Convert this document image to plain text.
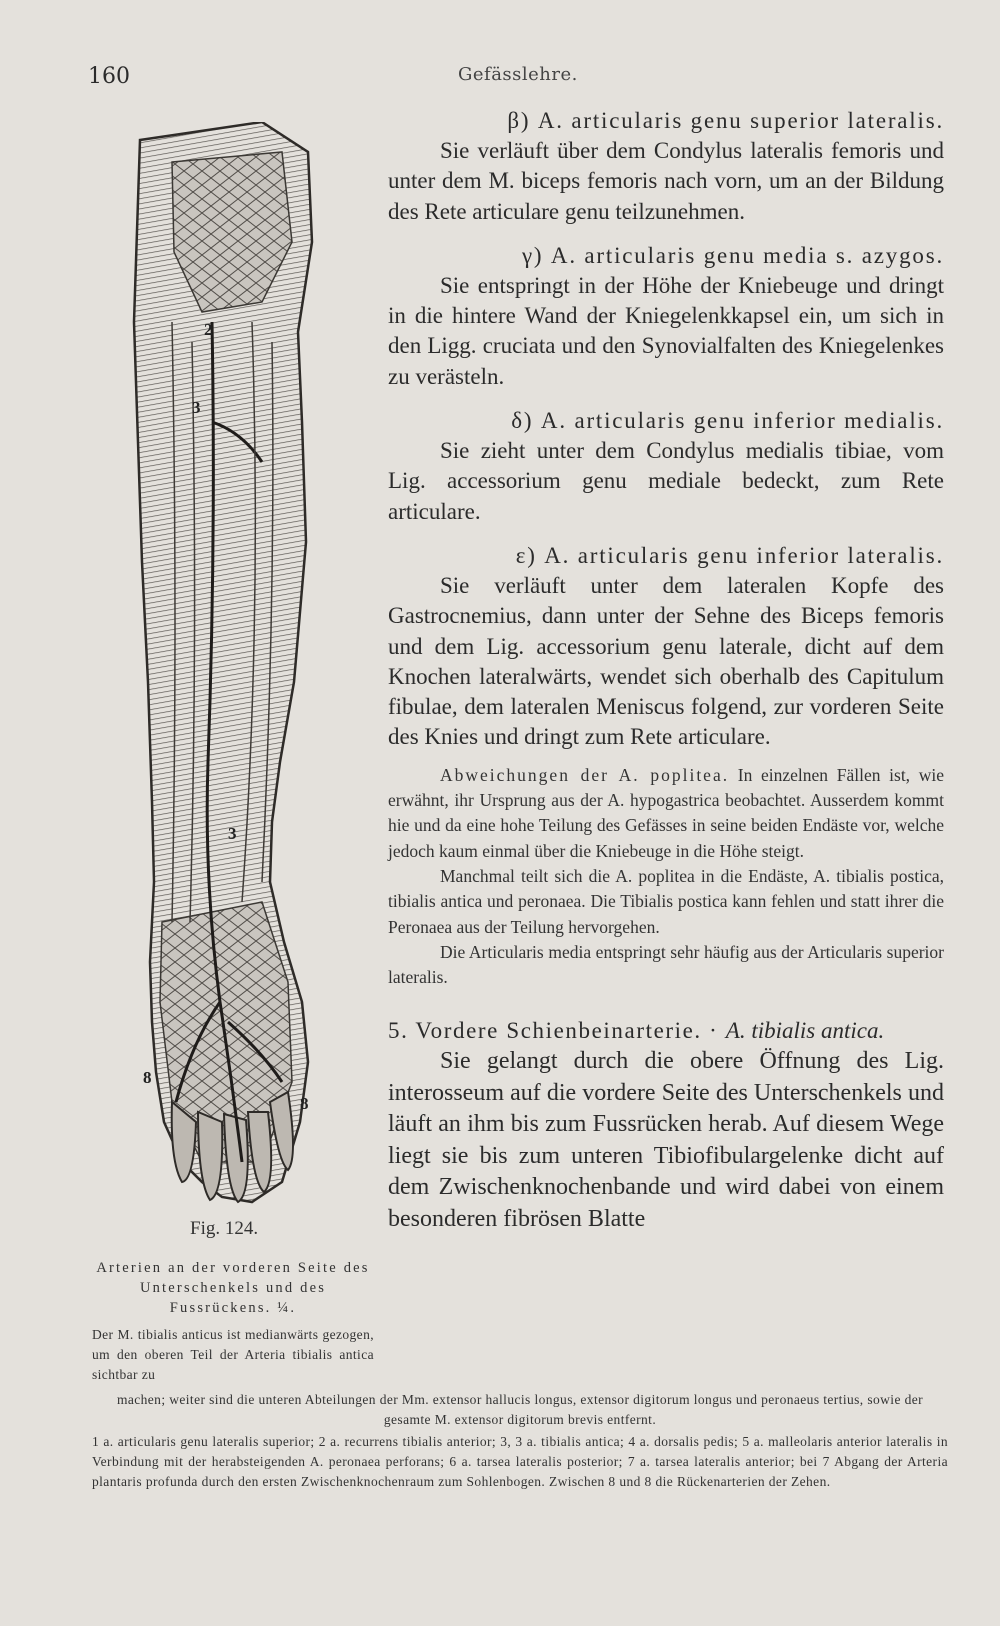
160	Gefässlehre.
2
3
3
8
8

β) A. articularis genu superior lateralis.

Sie verläuft über dem Condylus lateralis femoris und unter dem M. biceps femoris nach vorn, um an der Bildung des Rete articulare genu teilzunehmen.

γ) A. articularis genu media s. azygos.

Sie entspringt in der Höhe der Kniebeuge und dringt in die hintere Wand der Kniegelenkkapsel ein, um sich in den Ligg. cruciata und den Synovialfalten des Kniegelenkes zu verästeln.

δ) A. articularis genu inferior medialis.

Sie zieht unter dem Condylus medialis tibiae, vom Lig. accessorium genu mediale bedeckt, zum Rete articulare.

ε) A. articularis genu inferior lateralis.

Sie verläuft unter dem lateralen Kopfe des Gastrocnemius, dann unter der Sehne des Biceps femoris und dem Lig. accessorium genu laterale, dicht auf dem Knochen lateralwärts, wendet sich oberhalb des Capitulum fibulae, dem lateralen Meniscus folgend, zur vorderen Seite des Knies und dringt zum Rete articulare.

Abweichungen der A. poplitea. In einzelnen Fällen ist, wie erwähnt, ihr Ursprung aus der A. hypogastrica beobachtet. Ausserdem kommt hie und da eine hohe Teilung des Gefässes in seine beiden Endäste vor, welche jedoch kaum einmal über die Kniebeuge in die Höhe steigt.

Manchmal teilt sich die A. poplitea in die Endäste, A. tibialis postica, tibialis antica und peronaea. Die Tibialis postica kann fehlen und statt ihrer die Peronaea aus der Teilung hervorgehen.

Die Articularis media entspringt sehr häufig aus der Articularis superior lateralis.

5. Vordere Schienbeinarterie. · A. tibialis antica.

Sie gelangt durch die obere Öffnung des Lig. interosseum auf die vordere Seite des Unterschenkels und läuft an ihm bis zum Fussrücken herab. Auf diesem Wege liegt sie bis zum unteren Tibiofibulargelenke dicht auf dem Zwischenknochenbande und wird dabei von einem besonderen fibrösen Blatte

Fig. 124.
Arterien an der vorderen Seite des Unterschenkels und des Fussrückens. ¼.
Der M. tibialis anticus ist medianwärts gezogen, um den oberen Teil der Arteria tibialis antica sichtbar zu
machen; weiter sind die unteren Abteilungen der Mm. extensor hallucis longus, extensor digitorum longus und peronaeus tertius, sowie der gesamte M. extensor digitorum brevis entfernt.
1 a. articularis genu lateralis superior; 2 a. recurrens tibialis anterior; 3, 3 a. tibialis antica; 4 a. dorsalis pedis; 5 a. malleolaris anterior lateralis in Verbindung mit der herabsteigenden A. peronaea perforans; 6 a. tarsea lateralis posterior; 7 a. tarsea lateralis anterior; bei 7 Abgang der Arteria plantaris profunda durch den ersten Zwischenknochenraum zum Sohlenbogen. Zwischen 8 und 8 die Rückenarterien der Zehen.
